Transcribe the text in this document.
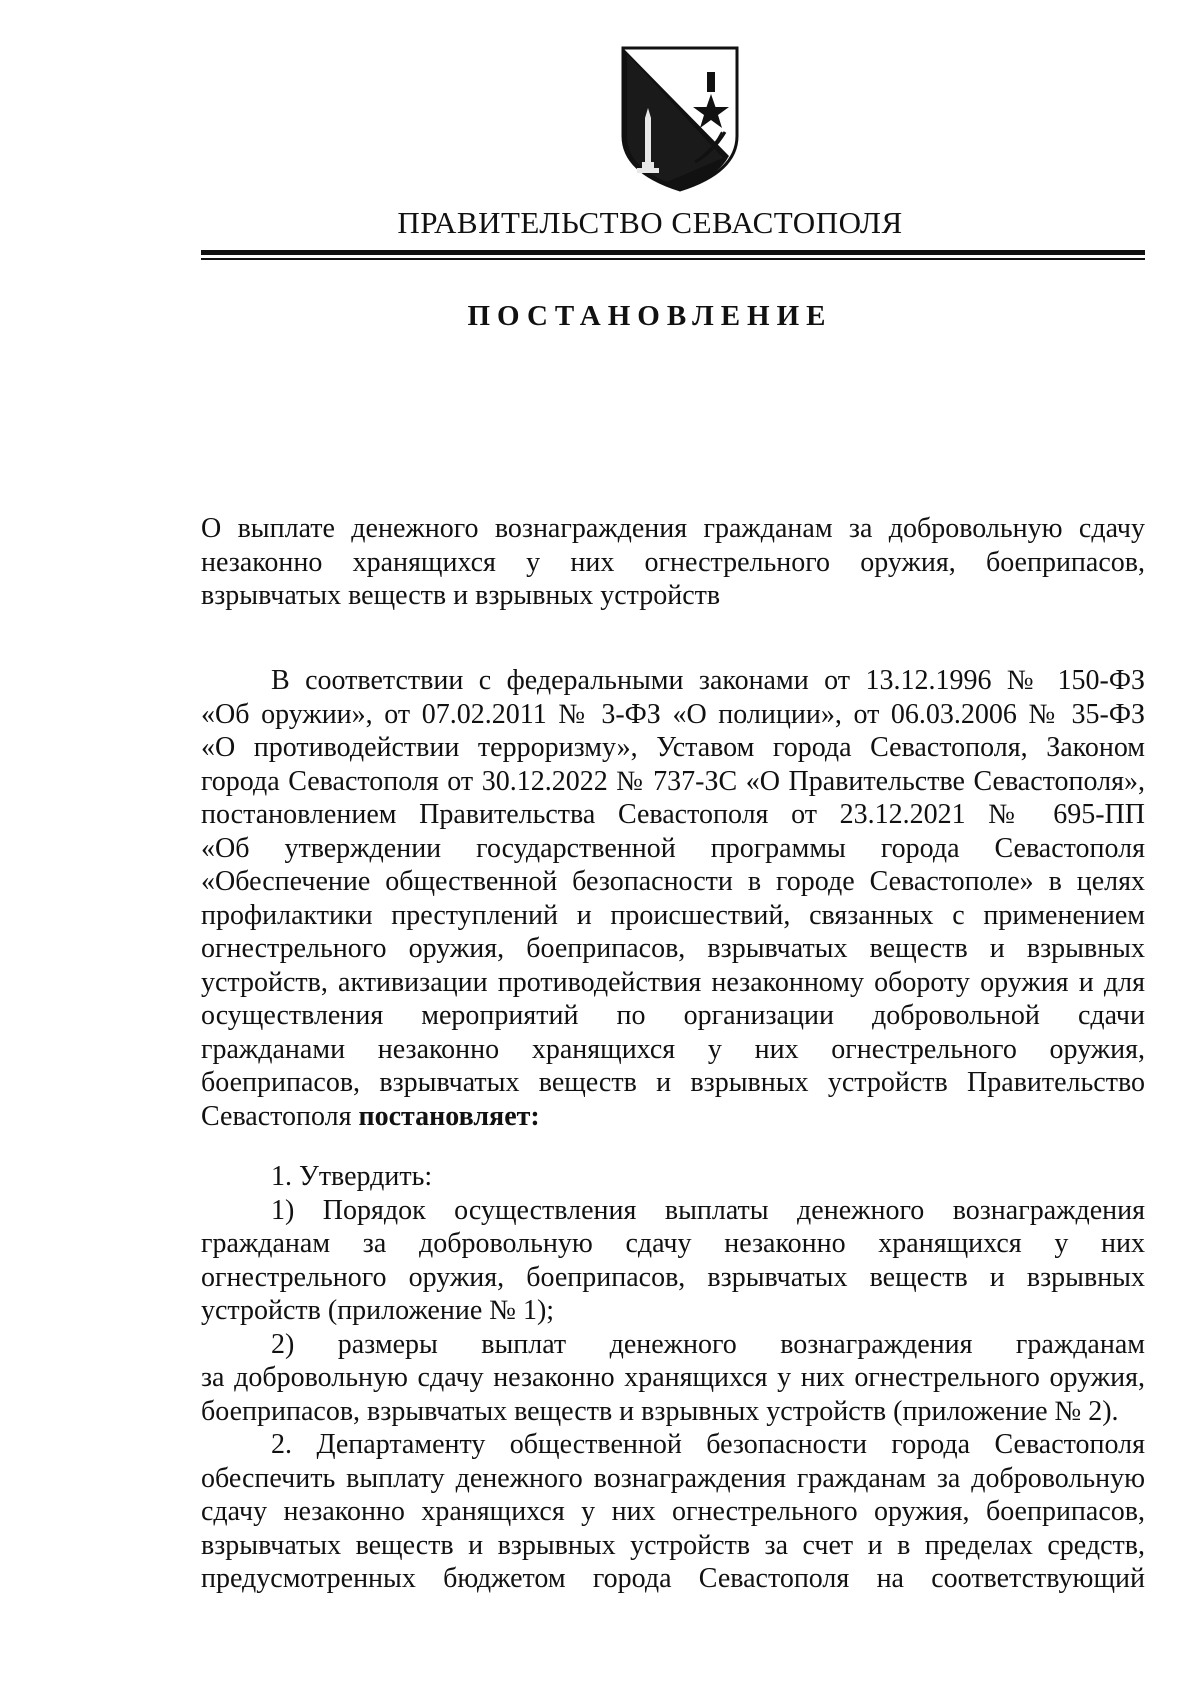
ПРАВИТЕЛЬСТВО СЕВАСТОПОЛЯ
ПОСТАНОВЛЕНИЕ
О выплате денежного вознаграждения гражданам за добровольную сдачу
незаконно хранящихся у них огнестрельного оружия, боеприпасов,
взрывчатых веществ и взрывных устройств
В соответствии с федеральными законами от 13.12.1996 № 150-ФЗ
«Об оружии», от 07.02.2011 № 3-ФЗ «О полиции», от 06.03.2006 № 35-ФЗ
«О противодействии терроризму», Уставом города Севастополя, Законом
города Севастополя от 30.12.2022 № 737-ЗС «О Правительстве Севастополя»,
постановлением Правительства Севастополя от 23.12.2021 № 695-ПП
«Об утверждении государственной программы города Севастополя
«Обеспечение общественной безопасности в городе Севастополе» в целях
профилактики преступлений и происшествий, связанных с применением
огнестрельного оружия, боеприпасов, взрывчатых веществ и взрывных
устройств, активизации противодействия незаконному обороту оружия и для
осуществления мероприятий по организации добровольной сдачи
гражданами незаконно хранящихся у них огнестрельного оружия,
боеприпасов, взрывчатых веществ и взрывных устройств Правительство
Севастополя постановляет:
1. Утвердить:
1) Порядок осуществления выплаты денежного вознаграждения
гражданам за добровольную сдачу незаконно хранящихся у них
огнестрельного оружия, боеприпасов, взрывчатых веществ и взрывных
устройств (приложение № 1);
2) размеры выплат денежного вознаграждения гражданам
за добровольную сдачу незаконно хранящихся у них огнестрельного оружия,
боеприпасов, взрывчатых веществ и взрывных устройств (приложение № 2).
2. Департаменту общественной безопасности города Севастополя
обеспечить выплату денежного вознаграждения гражданам за добровольную
сдачу незаконно хранящихся у них огнестрельного оружия, боеприпасов,
взрывчатых веществ и взрывных устройств за счет и в пределах средств,
предусмотренных бюджетом города Севастополя на соответствующий
